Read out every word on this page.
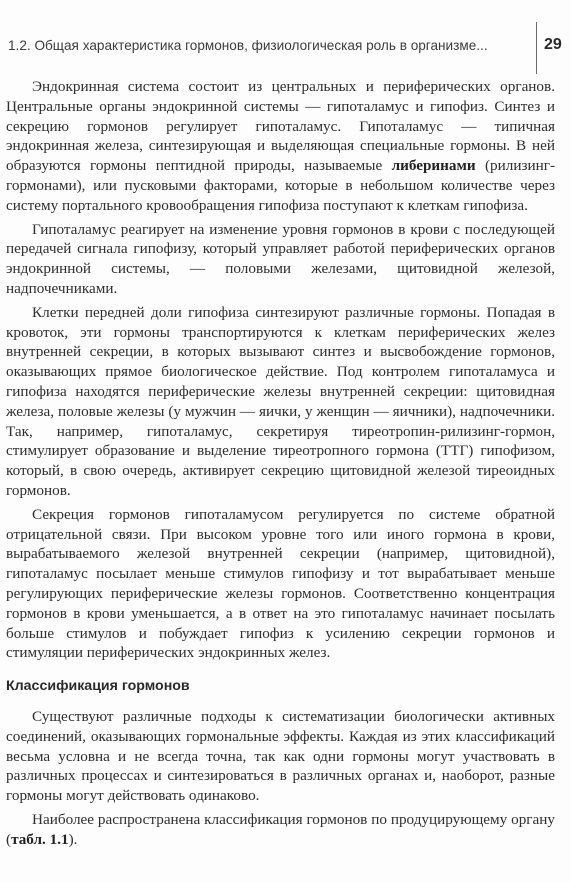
1.2. Общая характеристика гормонов, физиологическая роль в организме...	29

Эндокринная система состоит из центральных и периферических органов. Центральные органы эндокринной системы — гипоталамус и гипофиз. Синтез и секрецию гормонов регулирует гипоталамус. Гипоталамус — типичная эндокринная железа, синтезирующая и выделяющая специальные гормоны. В ней образуются гормоны пептидной природы, называемые либеринами (рилизинг-гормонами), или пусковыми факторами, которые в небольшом количестве через систему портального кровообращения гипофиза поступают к клеткам гипофиза.

Гипоталамус реагирует на изменение уровня гормонов в крови с последующей передачей сигнала гипофизу, который управляет работой периферических органов эндокринной системы, — половыми железами, щитовидной железой, надпочечниками.

Клетки передней доли гипофиза синтезируют различные гормоны. Попадая в кровоток, эти гормоны транспортируются к клеткам периферических желез внутренней секреции, в которых вызывают синтез и высвобождение гормонов, оказывающих прямое биологическое действие. Под контролем гипоталамуса и гипофиза находятся периферические железы внутренней секреции: щитовидная железа, половые железы (у мужчин — яички, у женщин — яичники), надпочечники. Так, например, гипоталамус, секретируя тиреотропин-рилизинг-гормон, стимулирует образование и выделение тиреотропного гормона (ТТГ) гипофизом, который, в свою очередь, активирует секрецию щитовидной железой тиреоидных гормонов.

Секреция гормонов гипоталамусом регулируется по системе обратной отрицательной связи. При высоком уровне того или иного гормона в крови, вырабатываемого железой внутренней секреции (например, щитовидной), гипоталамус посылает меньше стимулов гипофизу и тот вырабатывает меньше регулирующих периферические железы гормонов. Соответственно концентрация гормонов в крови уменьшается, а в ответ на это гипоталамус начинает посылать больше стимулов и побуждает гипофиз к усилению секреции гормонов и стимуляции периферических эндокринных желез.

Классификация гормонов

Существуют различные подходы к систематизации биологически активных соединений, оказывающих гормональные эффекты. Каждая из этих классификаций весьма условна и не всегда точна, так как одни гормоны могут участвовать в различных процессах и синтезироваться в различных органах и, наоборот, разные гормоны могут действовать одинаково.

Наиболее распространена классификация гормонов по продуцирующему органу (табл. 1.1).
